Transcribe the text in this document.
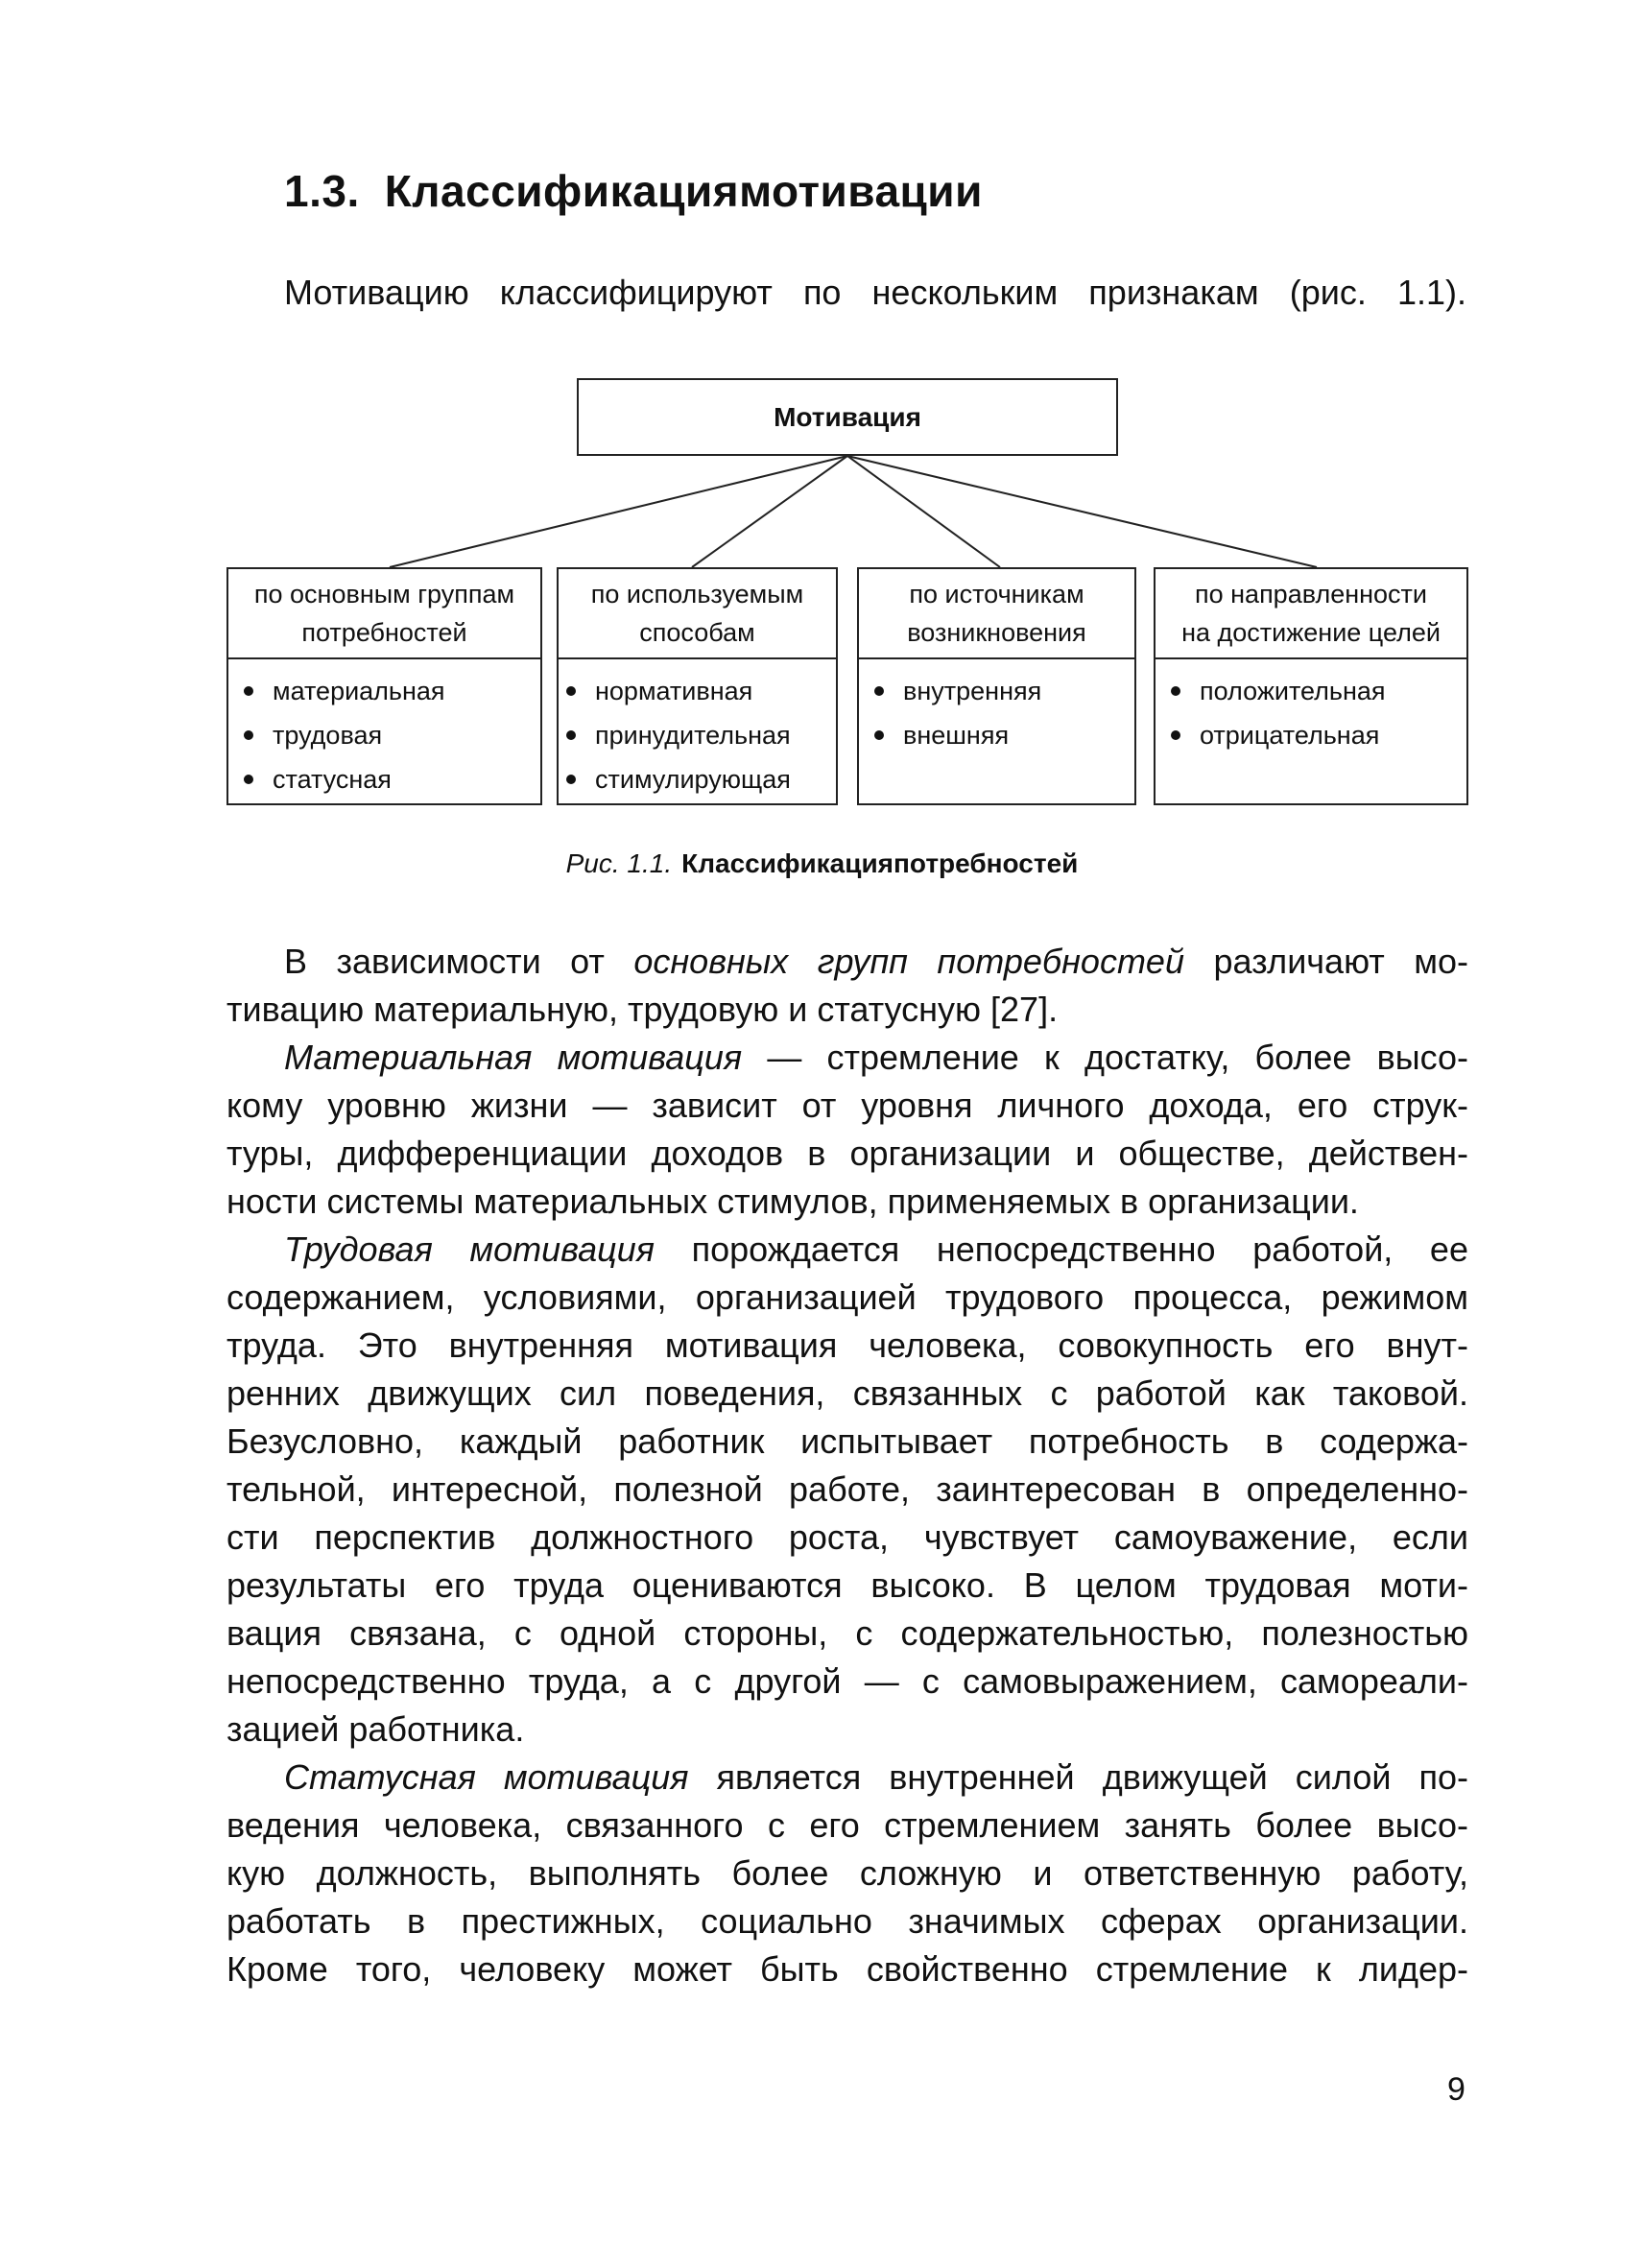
1.3. Классификациямотивации
Мотивацию классифицируют по нескольким признакам (рис. 1.1).
Мотивация
по основным группам
потребностей
материальная
трудовая
статусная
по используемым
способам
нормативная
принудительная
стимулирующая
по источникам
возникновения
внутренняя
внешняя
по направленности
на достижение целей
положительная
отрицательная
Рис. 1.1. Классификацияпотребностей
В зависимости от основных групп потребностей различают мо-
тивацию материальную, трудовую и статусную [27].
Материальная мотивация — стремление к достатку, более высо-
кому уровню жизни — зависит от уровня личного дохода, его струк-
туры, дифференциации доходов в организации и обществе, действен-
ности системы материальных стимулов, применяемых в организации.
Трудовая мотивация порождается непосредственно работой, ее
содержанием, условиями, организацией трудового процесса, режимом
труда. Это внутренняя мотивация человека, совокупность его внут-
ренних движущих сил поведения, связанных с работой как таковой.
Безусловно, каждый работник испытывает потребность в содержа-
тельной, интересной, полезной работе, заинтересован в определенно-
сти перспектив должностного роста, чувствует самоуважение, если
результаты его труда оцениваются высоко. В целом трудовая моти-
вация связана, с одной стороны, с содержательностью, полезностью
непосредственно труда, а с другой — с самовыражением, самореали-
зацией работника.
Статусная мотивация является внутренней движущей силой по-
ведения человека, связанного с его стремлением занять более высо-
кую должность, выполнять более сложную и ответственную работу,
работать в престижных, социально значимых сферах организации.
Кроме того, человеку может быть свойственно стремление к лидер-
9
